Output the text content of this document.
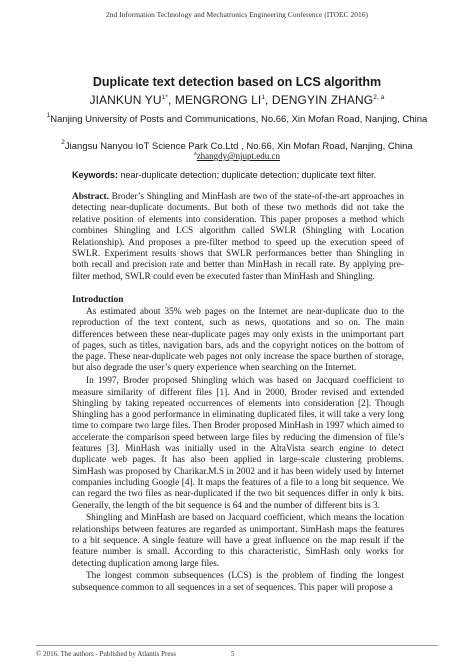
2nd Information Technology and Mechatronics Engineering Conference (ITOEC 2016)
Duplicate text detection based on LCS algorithm
JIANKUN $YU^{1*}$, MENGRONG $LI^1$, DENGYIN ZHANG$^{2, a}$
$^1$Nanjing University of Posts and Communications, No.66, Xin Mofan Road, Nanjing, China
$^2$Jiangsu Nanyou IoT Science Park Co.Ltd , No.66, Xin Mofan Road, Nanjing, China
$^a$zhangdy@njupt.edu.cn
Keywords: near-duplicate detection; duplicate detection; duplicate text filter.
Abstract. Broder’s Shingling and MinHash are two of the state-of-the-art approaches in detecting near-duplicate documents. But both of these two methods did not take the relative position of elements into consideration. This paper proposes a method which combines Shingling and LCS algorithm called SWLR (Shingling with Location Relationship). And proposes a pre-filter method to speed up the execution speed of SWLR. Experiment results shows that SWLR performances better than Shingling in both recall and precision rate and better than MinHash in recall rate. By applying pre-filter method, SWLR could even be executed faster than MinHash and Shingling.
Introduction

As estimated about 35% web pages on the Internet are near-duplicate duo to the reproduction of the text content, such as news, quotations and so on. The main differences between these near-duplicate pages may only exists in the unimportant part of pages, such as titles, navigation bars, ads and the copyright notices on the bottom of the page. These near-duplicate web pages not only increase the space burthen of storage, but also degrade the user’s query experience when searching on the Internet.

In 1997, Broder proposed Shingling which was based on Jacquard coefficient to measure similarity of different files [1]. And in 2000, Broder revised and extended Shingling by taking repeated occurrences of elements into consideration [2]. Though Shingling has a good performance in eliminating duplicated files, it will take a very long time to compare two large files. Then Broder proposed MinHash in 1997 which aimed to accelerate the comparison speed between large files by reducing the dimension of file’s features [3]. MinHash was initially used in the AltaVista search engine to detect duplicate web pages. It has also been applied in large-scale clustering problems. SimHash was proposed by Charikar.M.S in 2002 and it has been widely used by Internet companies including Google [4]. It maps the features of a file to a long bit sequence. We can regard the two files as near-duplicated if the two bit sequences differ in only k bits. Generally, the length of the bit sequence is 64 and the number of different bits is 3.

Shingling and MinHash are based on Jacquard coefficient, which means the location relationships between features are regarded as unimportant. SimHash maps the features to a bit sequence. A single feature will have a great influence on the map result if the feature number is small. According to this characteristic, SimHash only works for detecting duplication among large files.

The longest common subsequences (LCS) is the problem of finding the longest subsequence common to all sequences in a set of sequences. This paper will propose a

© 2016. The authors - Published by Atlantis Press	5
